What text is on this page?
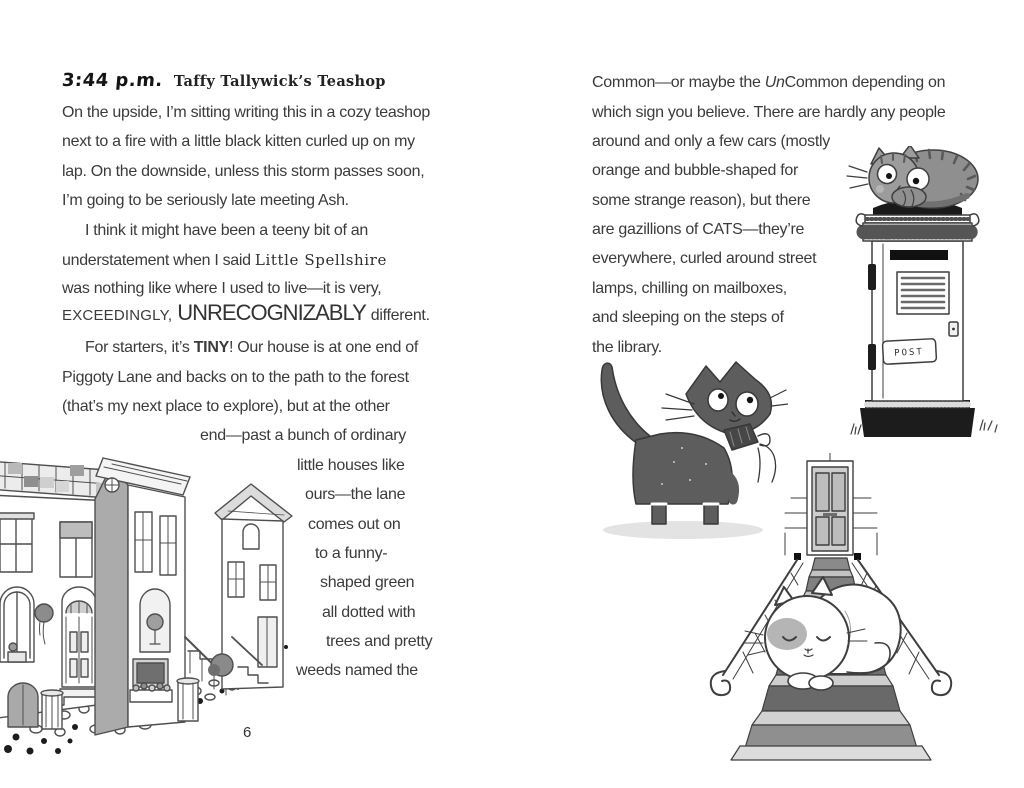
3:44 p.m. Taffy Tallywick’s Teashop
On the upside, I’m sitting writing this in a cozy teashop
next to a fire with a little black kitten curled up on my
lap. On the downside, unless this storm passes soon,
I’m going to be seriously late meeting Ash.
I think it might have been a teeny bit of an
understatement when I said Little Spellshire
was nothing like where I used to live—it is very,
EXCEEDINGLY, UNRECOGNIZABLY different.
For starters, it’s TINY! Our house is at one end of
Piggoty Lane and backs on to the path to the forest
(that’s my next place to explore), but at the other
end—past a bunch of ordinary
little houses like
ours—the lane
comes out on
to a funny-
shaped green
all dotted with
trees and pretty
weeds named the
6
Common—or maybe the UnCommon depending on
which sign you believe. There are hardly any people
around and only a few cars (mostly
orange and bubble-shaped for
some strange reason), but there
are gazillions of CATS—they’re
everywhere, curled around street
lamps, chilling on mailboxes,
and sleeping on the steps of
the library.	POST
